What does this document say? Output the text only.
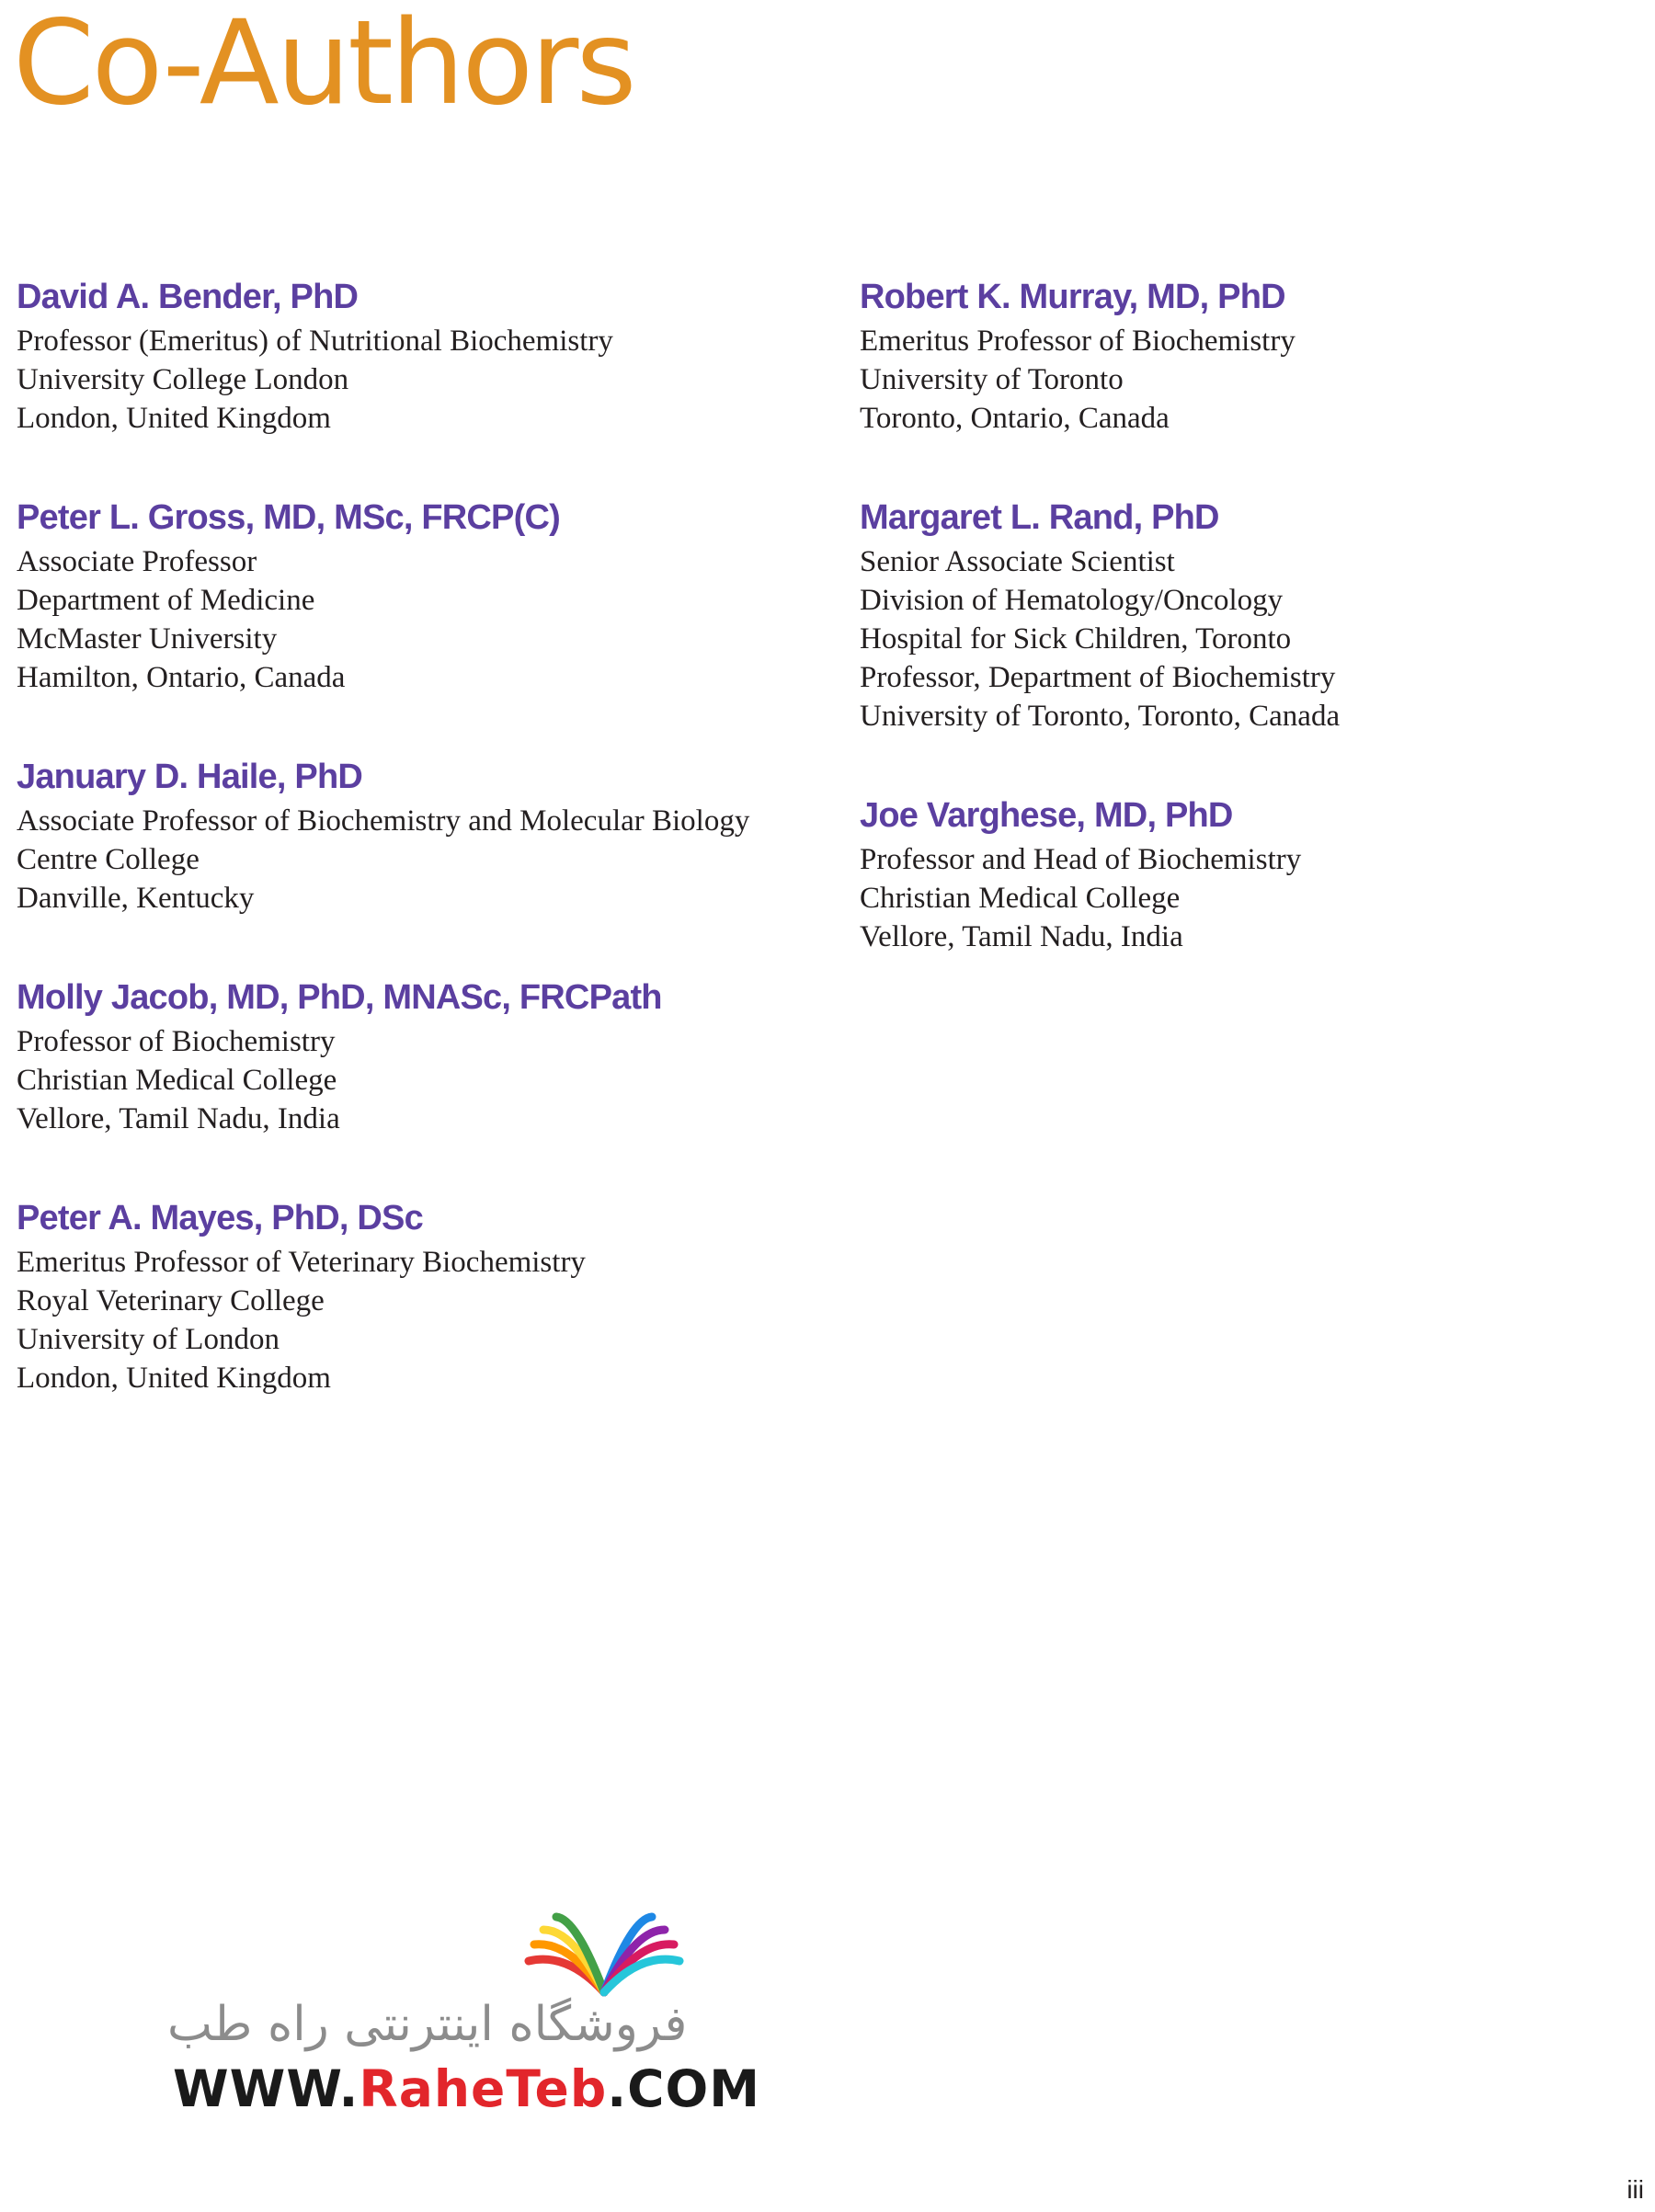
Co-Authors
David A. Bender, PhD
Professor (Emeritus) of Nutritional Biochemistry
University College London
London, United Kingdom
Peter L. Gross, MD, MSc, FRCP(C)
Associate Professor
Department of Medicine
McMaster University
Hamilton, Ontario, Canada
January D. Haile, PhD
Associate Professor of Biochemistry and Molecular Biology
Centre College
Danville, Kentucky
Molly Jacob, MD, PhD, MNASc, FRCPath
Professor of Biochemistry
Christian Medical College
Vellore, Tamil Nadu, India
Peter A. Mayes, PhD, DSc
Emeritus Professor of Veterinary Biochemistry
Royal Veterinary College
University of London
London, United Kingdom
Robert K. Murray, MD, PhD
Emeritus Professor of Biochemistry
University of Toronto
Toronto, Ontario, Canada
Margaret L. Rand, PhD
Senior Associate Scientist
Division of Hematology/Oncology
Hospital for Sick Children, Toronto
Professor, Department of Biochemistry
University of Toronto, Toronto, Canada
Joe Varghese, MD, PhD
Professor and Head of Biochemistry
Christian Medical College
Vellore, Tamil Nadu, India
فروشگاه اینترنتی راه طب
WWW.RaheTeb.COM
iii
